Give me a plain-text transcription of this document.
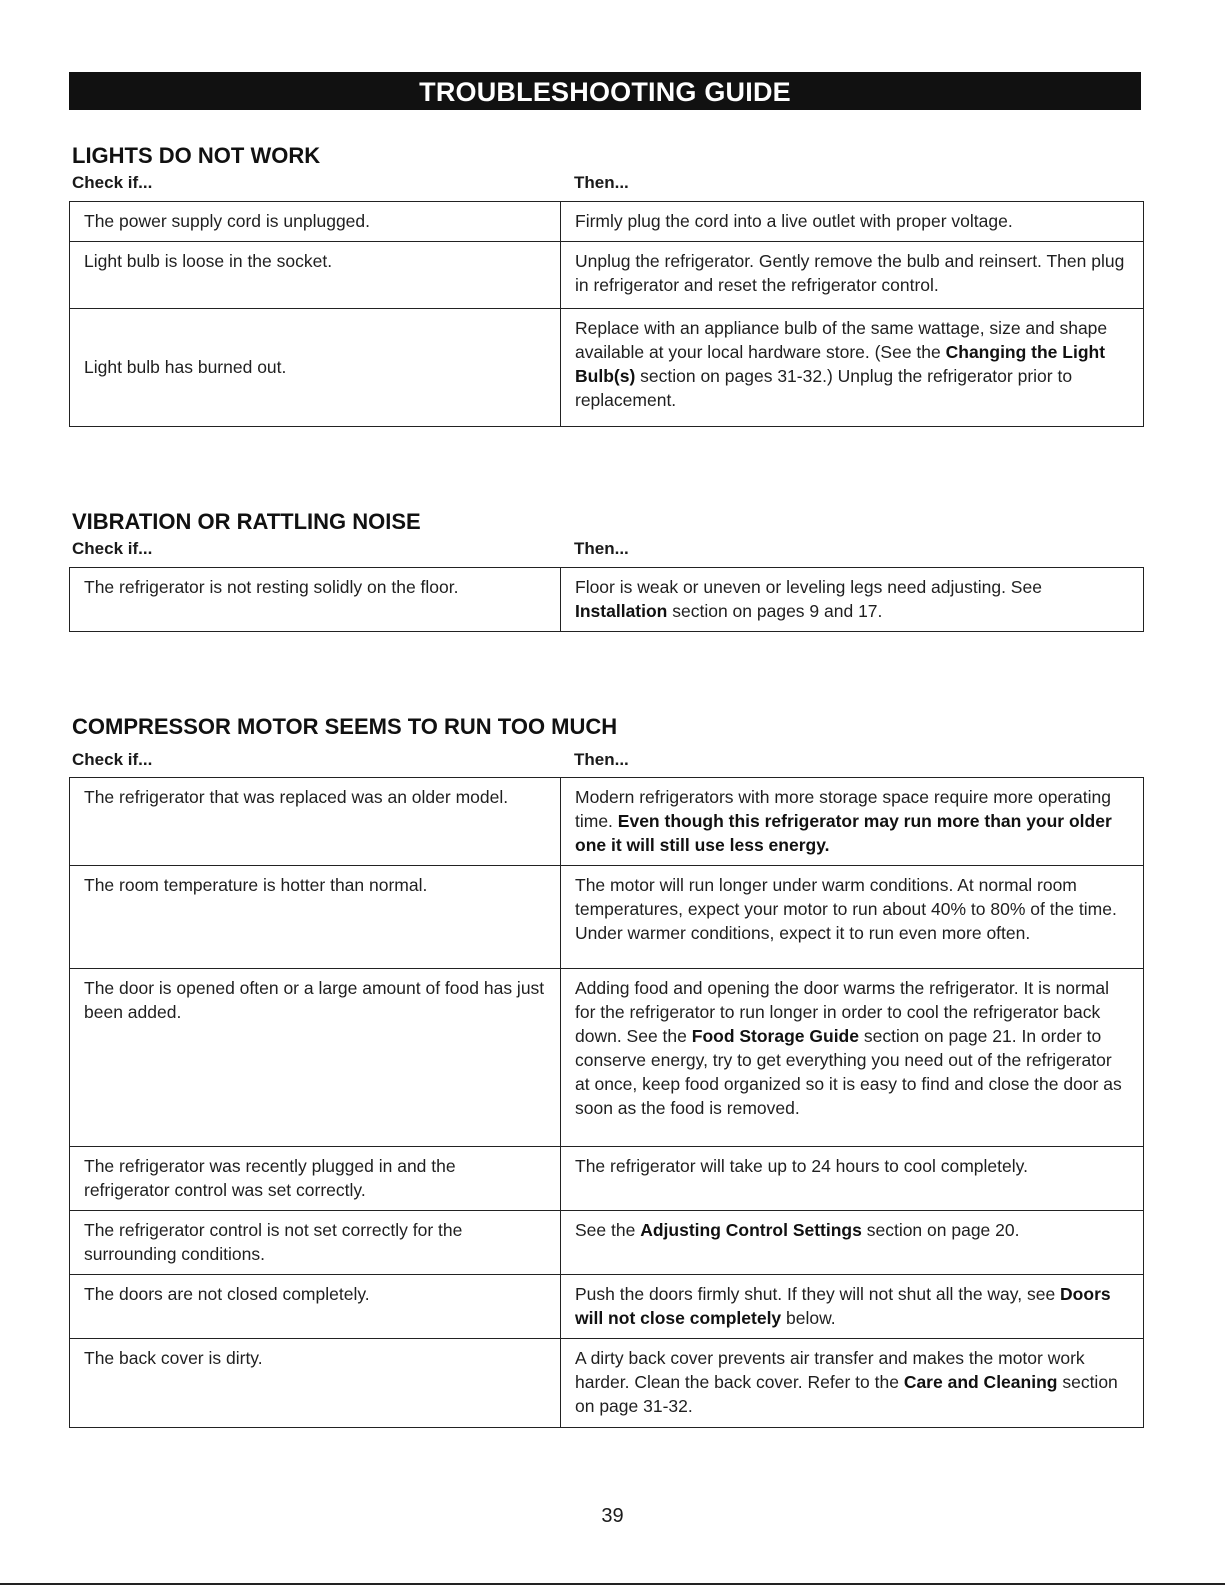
TROUBLESHOOTING GUIDE
LIGHTS DO NOT WORK
Check if...	Then...
The power supply cord is unplugged.	Firmly plug the cord into a live outlet with proper voltage.
Light bulb is loose in the socket.	Unplug the refrigerator. Gently remove the bulb and reinsert. Then plug in refrigerator and reset the refrigerator control.
Light bulb has burned out.	Replace with an appliance bulb of the same wattage, size and shape available at your local hardware store. (See the Changing the Light Bulb(s) section on pages 31-32.) Unplug the refrigerator prior to replacement.
VIBRATION OR RATTLING NOISE
Check if...	Then...
The refrigerator is not resting solidly on the floor.	Floor is weak or uneven or leveling legs need adjusting. See Installation section on pages 9 and 17.
COMPRESSOR MOTOR SEEMS TO RUN TOO MUCH
Check if...	Then...
The refrigerator that was replaced was an older model.	Modern refrigerators with more storage space require more operating time. Even though this refrigerator may run more than your older one it will still use less energy.
The room temperature is hotter than normal.	The motor will run longer under warm conditions. At normal room temperatures, expect your motor to run about 40% to 80% of the time. Under warmer conditions, expect it to run even more often.
The door is opened often or a large amount of food has just been added.	Adding food and opening the door warms the refrigerator. It is normal for the refrigerator to run longer in order to cool the refrigerator back down. See the Food Storage Guide section on page 21. In order to conserve energy, try to get everything you need out of the refrigerator at once, keep food organized so it is easy to find and close the door as soon as the food is removed.
The refrigerator was recently plugged in and the refrigerator control was set correctly.	The refrigerator will take up to 24 hours to cool completely.
The refrigerator control is not set correctly for the surrounding conditions.	See the Adjusting Control Settings section on page 20.
The doors are not closed completely.	Push the doors firmly shut. If they will not shut all the way, see Doors will not close completely below.
The back cover is dirty.	A dirty back cover prevents air transfer and makes the motor work harder. Clean the back cover. Refer to the Care and Cleaning section on page 31-32.
39
